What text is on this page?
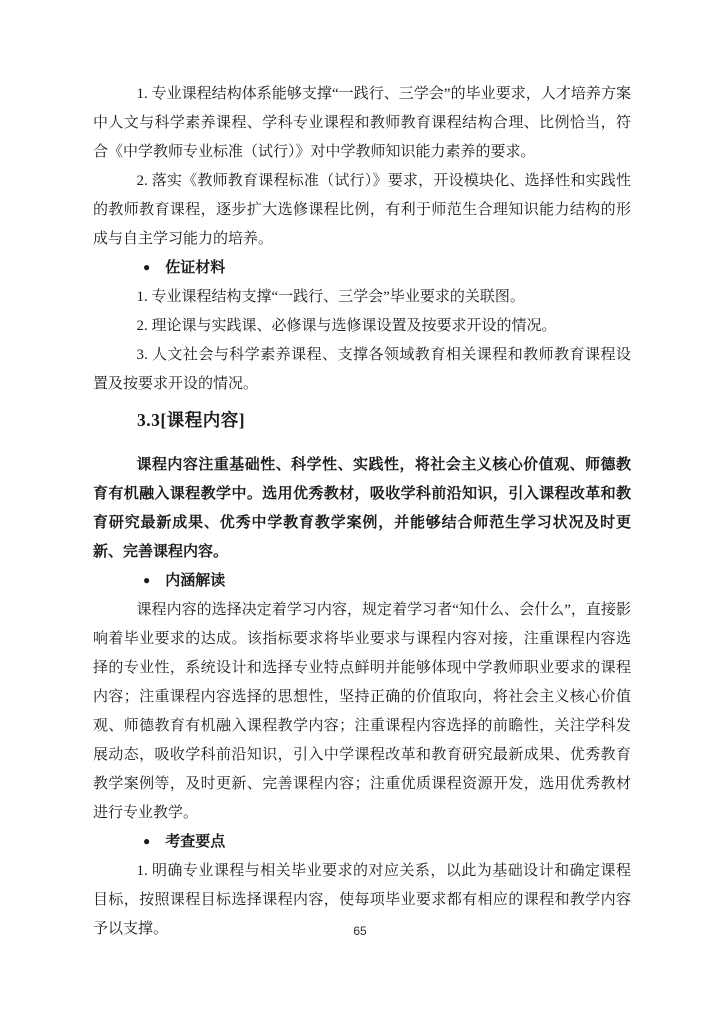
1. 专业课程结构体系能够支撑“一践行、三学会”的毕业要求，人才培养方案中人文与科学素养课程、学科专业课程和教师教育课程结构合理、比例恰当，符合《中学教师专业标准（试行）》对中学教师知识能力素养的要求。

2. 落实《教师教育课程标准（试行）》要求，开设模块化、选择性和实践性的教师教育课程，逐步扩大选修课程比例，有利于师范生合理知识能力结构的形成与自主学习能力的培养。

● 佐证材料

1. 专业课程结构支撑“一践行、三学会”毕业要求的关联图。

2. 理论课与实践课、必修课与选修课设置及按要求开设的情况。

3. 人文社会与科学素养课程、支撑各领域教育相关课程和教师教育课程设置及按要求开设的情况。

3.3[课程内容]

课程内容注重基础性、科学性、实践性，将社会主义核心价值观、师德教育有机融入课程教学中。选用优秀教材，吸收学科前沿知识，引入课程改革和教育研究最新成果、优秀中学教育教学案例，并能够结合师范生学习状况及时更新、完善课程内容。

● 内涵解读

课程内容的选择决定着学习内容，规定着学习者“知什么、会什么”，直接影响着毕业要求的达成。该指标要求将毕业要求与课程内容对接，注重课程内容选择的专业性，系统设计和选择专业特点鲜明并能够体现中学教师职业要求的课程内容；注重课程内容选择的思想性，坚持正确的价值取向，将社会主义核心价值观、师德教育有机融入课程教学内容；注重课程内容选择的前瞻性，关注学科发展动态，吸收学科前沿知识，引入中学课程改革和教育研究最新成果、优秀教育教学案例等，及时更新、完善课程内容；注重优质课程资源开发，选用优秀教材进行专业教学。

● 考查要点

1. 明确专业课程与相关毕业要求的对应关系，以此为基础设计和确定课程目标，按照课程目标选择课程内容，使每项毕业要求都有相应的课程和教学内容予以支撑。	65
